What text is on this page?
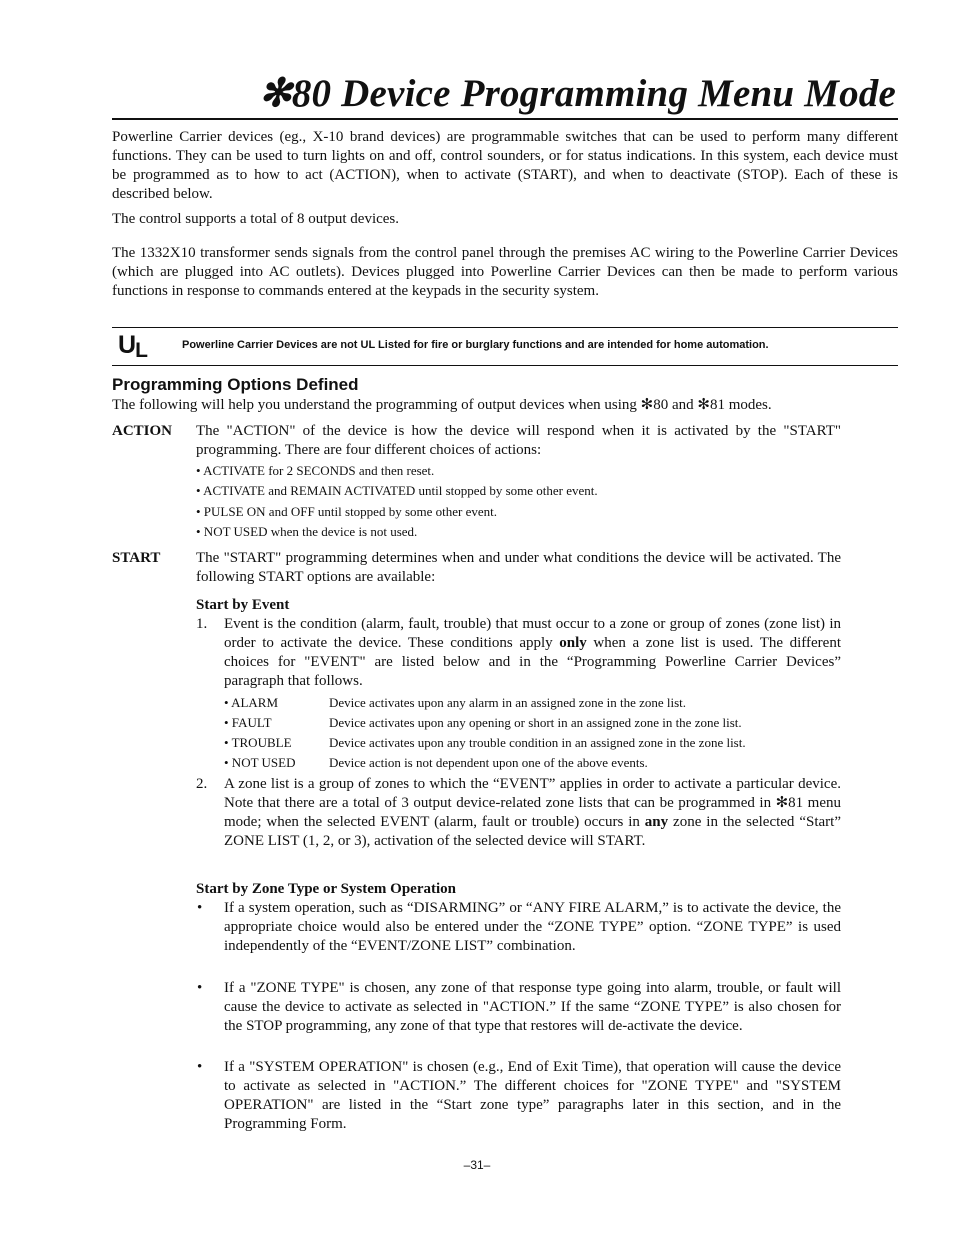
✻80 Device Programming Menu Mode

Powerline Carrier devices (eg., X-10 brand devices) are programmable switches that can be used to perform many different functions. They can be used to turn lights on and off, control sounders, or for status indications. In this system, each device must be programmed as to how to act (ACTION), when to activate (START), and when to deactivate (STOP). Each of these is described below.

The control supports a total of 8 output devices.

The 1332X10 transformer sends signals from the control panel through the premises AC wiring to the Powerline Carrier Devices (which are plugged into AC outlets). Devices plugged into Powerline Carrier Devices can then be made to perform various functions in response to commands entered at the keypads in the security system.

UL	Powerline Carrier Devices are not UL Listed for fire or burglary functions and are intended for home automation.
Programming Options Defined

The following will help you understand the programming of output devices when using ✻80 and ✻81 modes.

ACTION The "ACTION" of the device is how the device will respond when it is activated by the "START" programming. There are four different choices of actions:

• ACTIVATE for 2 SECONDS and then reset.

• ACTIVATE and REMAIN ACTIVATED until stopped by some other event.

• PULSE ON and OFF until stopped by some other event.

• NOT USED when the device is not used.

START The "START" programming determines when and under what conditions the device will be activated. The following START options are available:

Start by Event
1. Event is the condition (alarm, fault, trouble) that must occur to a zone or group of zones (zone list) in order to activate the device. These conditions apply only when a zone list is used. The different choices for "EVENT" are listed below and in the “Programming Powerline Carrier Devices” paragraph that follows.

• ALARM	Device activates upon any alarm in an assigned zone in the zone list.
• FAULT	Device activates upon any opening or short in an assigned zone in the zone list.
• TROUBLE	Device activates upon any trouble condition in an assigned zone in the zone list.
• NOT USED	Device action is not dependent upon one of the above events.
2. A zone list is a group of zones to which the “EVENT” applies in order to activate a particular device. Note that there are a total of 3 output device-related zone lists that can be programmed in ✻81 menu mode; when the selected EVENT (alarm, fault or trouble) occurs in any zone in the selected “Start” ZONE LIST (1, 2, or 3), activation of the selected device will START.

Start by Zone Type or System Operation
• If a system operation, such as “DISARMING” or “ANY FIRE ALARM,” is to activate the device, the appropriate choice would also be entered under the “ZONE TYPE” option. “ZONE TYPE” is used independently of the “EVENT/ZONE LIST” combination.

• If a "ZONE TYPE" is chosen, any zone of that response type going into alarm, trouble, or fault will cause the device to activate as selected in "ACTION.” If the same “ZONE TYPE” is also chosen for the STOP programming, any zone of that type that restores will de-activate the device.

• If a "SYSTEM OPERATION" is chosen (e.g., End of Exit Time), that operation will cause the device to activate as selected in "ACTION.” The different choices for "ZONE TYPE" and "SYSTEM OPERATION" are listed in the “Start zone type” paragraphs later in this section, and in the Programming Form.

–31–
